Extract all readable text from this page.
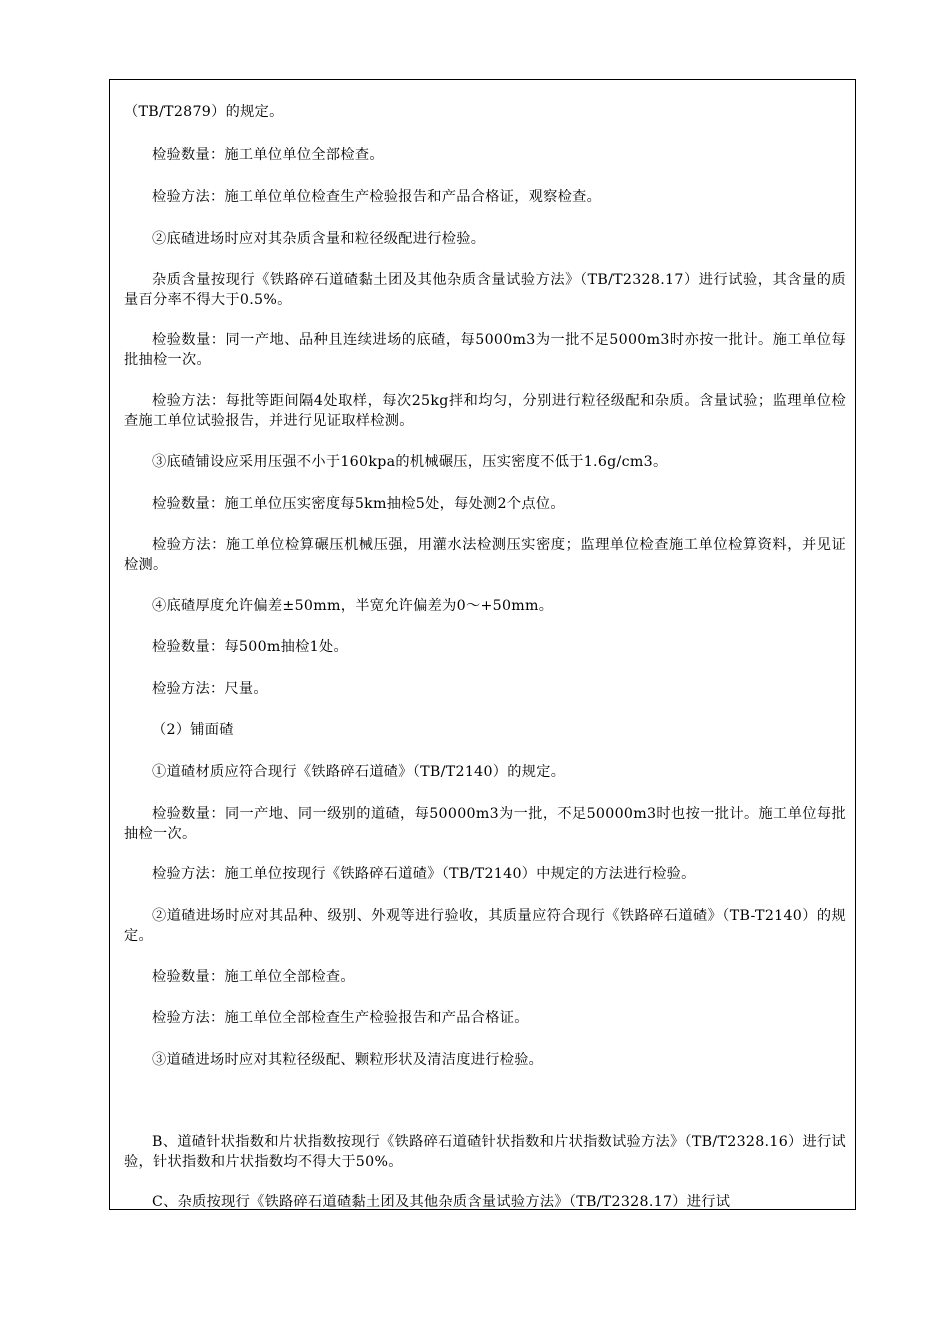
（TB/T2879）的规定。

检验数量：施工单位单位全部检查。

检验方法：施工单位单位检查生产检验报告和产品合格证，观察检查。

②底碴进场时应对其杂质含量和粒径级配进行检验。

杂质含量按现行《铁路碎石道碴黏土团及其他杂质含量试验方法》（TB/T2328.17）进行试验，其含量的质量百分率不得大于0.5%。

检验数量：同一产地、品种且连续进场的底碴，每5000m3为一批不足5000m3时亦按一批计。施工单位每批抽检一次。

检验方法：每批等距间隔4处取样，每次25kg拌和均匀，分别进行粒径级配和杂质。含量试验；监理单位检查施工单位试验报告，并进行见证取样检测。

③底碴铺设应采用压强不小于160kpa的机械碾压，压实密度不低于1.6g/cm3。

检验数量：施工单位压实密度每5km抽检5处，每处测2个点位。

检验方法：施工单位检算碾压机械压强，用灌水法检测压实密度；监理单位检查施工单位检算资料，并见证检测。

④底碴厚度允许偏差±50mm，半宽允许偏差为0～+50mm。

检验数量：每500m抽检1处。

检验方法：尺量。

（2）铺面碴

①道碴材质应符合现行《铁路碎石道碴》（TB/T2140）的规定。

检验数量：同一产地、同一级别的道碴，每50000m3为一批，不足50000m3时也按一批计。施工单位每批抽检一次。

检验方法：施工单位按现行《铁路碎石道碴》（TB/T2140）中规定的方法进行检验。

②道碴进场时应对其品种、级别、外观等进行验收，其质量应符合现行《铁路碎石道碴》（TB-T2140）的规定。

检验数量：施工单位全部检查。

检验方法：施工单位全部检查生产检验报告和产品合格证。

③道碴进场时应对其粒径级配、颗粒形状及清洁度进行检验。

B、道碴针状指数和片状指数按现行《铁路碎石道碴针状指数和片状指数试验方法》（TB/T2328.16）进行试验，针状指数和片状指数均不得大于50%。

C、杂质按现行《铁路碎石道碴黏土团及其他杂质含量试验方法》（TB/T2328.17）进行试
